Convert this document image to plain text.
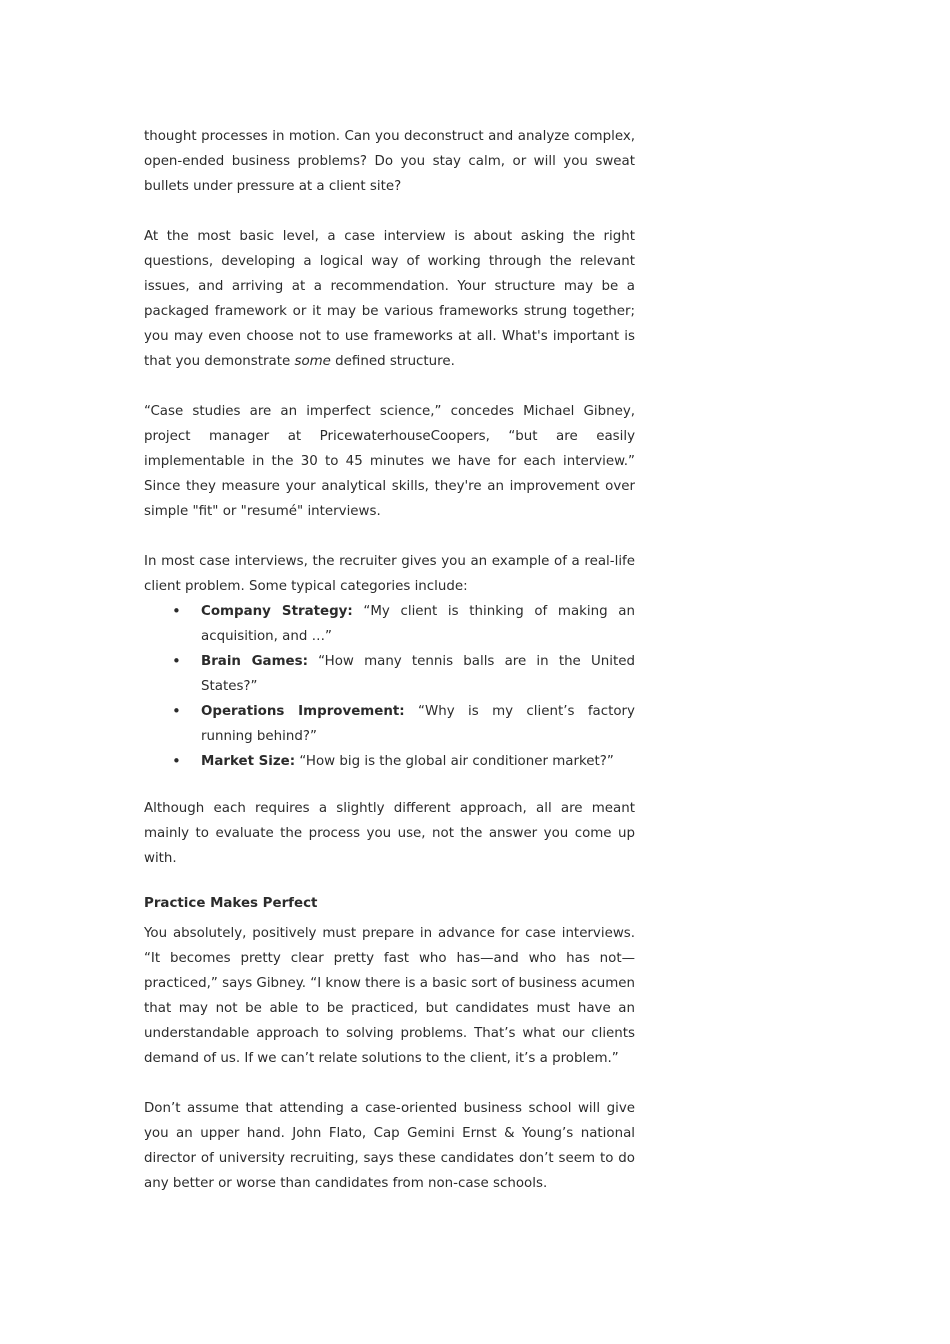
thought processes in motion. Can you deconstruct and analyze complex, open-ended business problems? Do you stay calm, or will you sweat bullets under pressure at a client site?

At the most basic level, a case interview is about asking the right questions, developing a logical way of working through the relevant issues, and arriving at a recommendation. Your structure may be a packaged framework or it may be various frameworks strung together; you may even choose not to use frameworks at all. What's important is that you demonstrate some defined structure.

“Case studies are an imperfect science,” concedes Michael Gibney, project manager at PricewaterhouseCoopers, “but are easily implementable in the 30 to 45 minutes we have for each interview.” Since they measure your analytical skills, they're an improvement over simple "fit" or "resumé" interviews.

In most case interviews, the recruiter gives you an example of a real-life client problem. Some typical categories include:

• Company Strategy: “My client is thinking of making an acquisition, and …”
• Brain Games: “How many tennis balls are in the United States?”
• Operations Improvement: “Why is my client’s factory running behind?”
• Market Size: “How big is the global air conditioner market?”

Although each requires a slightly different approach, all are meant mainly to evaluate the process you use, not the answer you come up with.

Practice Makes Perfect

You absolutely, positively must prepare in advance for case interviews. “It becomes pretty clear pretty fast who has—and who has not—practiced,” says Gibney. “I know there is a basic sort of business acumen that may not be able to be practiced, but candidates must have an understandable approach to solving problems. That’s what our clients demand of us. If we can’t relate solutions to the client, it’s a problem.”

Don’t assume that attending a case-oriented business school will give you an upper hand. John Flato, Cap Gemini Ernst & Young’s national director of university recruiting, says these candidates don’t seem to do any better or worse than candidates from non-case schools.
